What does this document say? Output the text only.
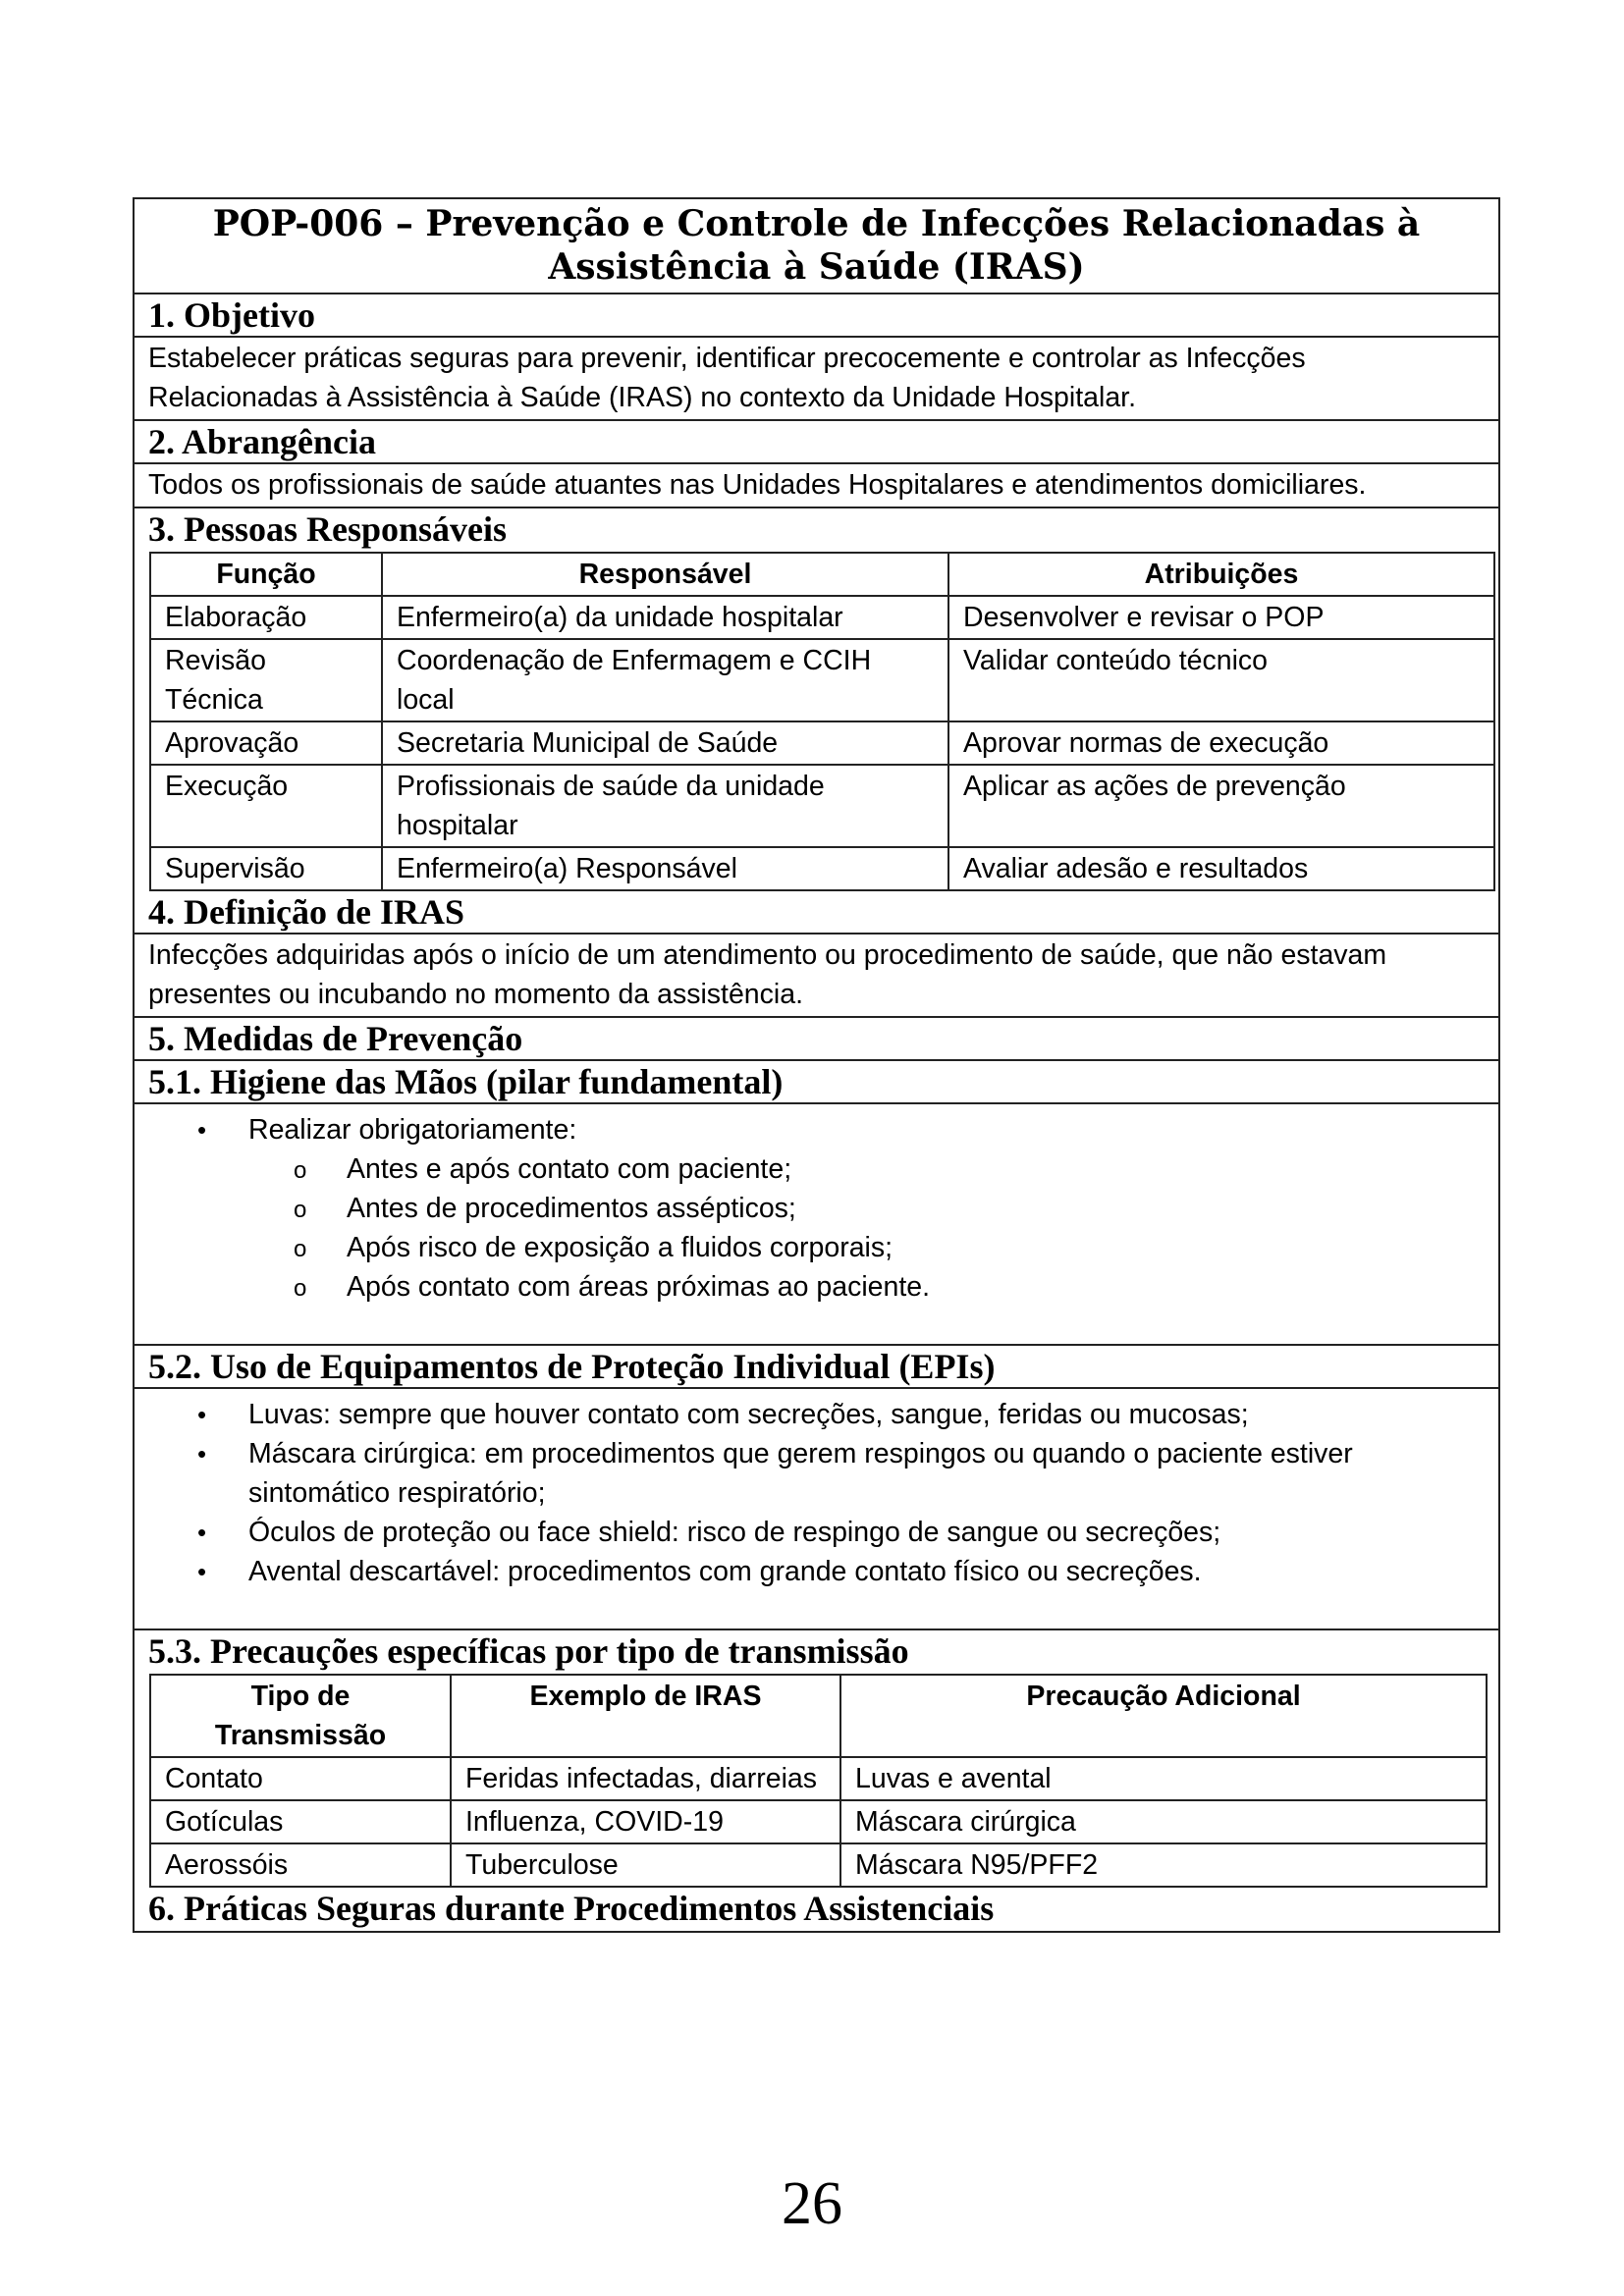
POP-006 – Prevenção e Controle de Infecções Relacionadas à Assistência à Saúde (IRAS)
1. Objetivo
Estabelecer práticas seguras para prevenir, identificar precocemente e controlar as Infecções
Relacionadas à Assistência à Saúde (IRAS) no contexto da Unidade Hospitalar.
2. Abrangência
Todos os profissionais de saúde atuantes nas Unidades Hospitalares e atendimentos domiciliares.
3. Pessoas Responsáveis
Função	Responsável	Atribuições
Elaboração	Enfermeiro(a) da unidade hospitalar	Desenvolver e revisar o POP
Revisão Técnica	Coordenação de Enfermagem e CCIH local	Validar conteúdo técnico
Aprovação	Secretaria Municipal de Saúde	Aprovar normas de execução
Execução	Profissionais de saúde da unidade hospitalar	Aplicar as ações de prevenção
Supervisão	Enfermeiro(a) Responsável	Avaliar adesão e resultados
4. Definição de IRAS
Infecções adquiridas após o início de um atendimento ou procedimento de saúde, que não estavam
presentes ou incubando no momento da assistência.
5. Medidas de Prevenção
5.1. Higiene das Mãos (pilar fundamental)
• Realizar obrigatoriamente:
o Antes e após contato com paciente;
o Antes de procedimentos assépticos;
o Após risco de exposição a fluidos corporais;
o Após contato com áreas próximas ao paciente.
5.2. Uso de Equipamentos de Proteção Individual (EPIs)
• Luvas: sempre que houver contato com secreções, sangue, feridas ou mucosas;
• Máscara cirúrgica: em procedimentos que gerem respingos ou quando o paciente estiver sintomático respiratório;
• Óculos de proteção ou face shield: risco de respingo de sangue ou secreções;
• Avental descartável: procedimentos com grande contato físico ou secreções.
5.3. Precauções específicas por tipo de transmissão
Tipo de Transmissão	Exemplo de IRAS	Precaução Adicional
Contato	Feridas infectadas, diarreias	Luvas e avental
Gotículas	Influenza, COVID-19	Máscara cirúrgica
Aerossóis	Tuberculose	Máscara N95/PFF2
6. Práticas Seguras durante Procedimentos Assistenciais
26
